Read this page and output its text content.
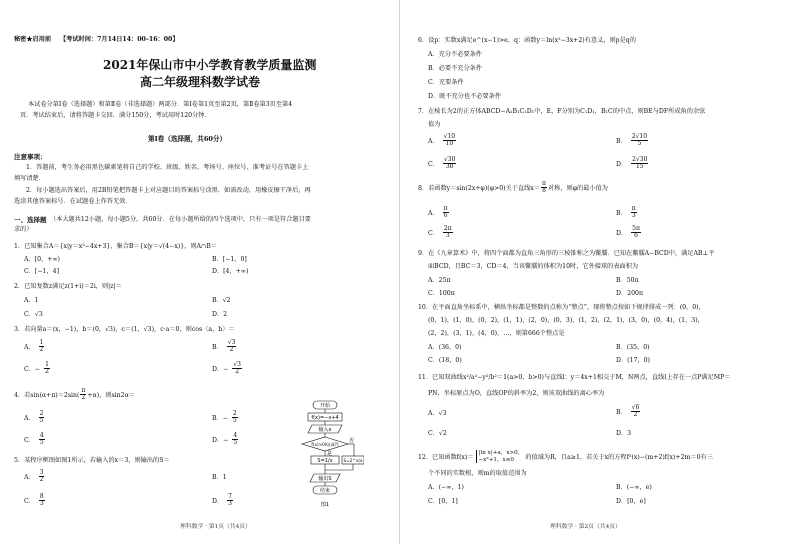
秘密★启用前 【考试时间：7月14日14：00–16：00】
2021年保山市中小学教育教学质量监测
高二年级理科数学试卷
本试卷分第Ⅰ卷（选择题）和第Ⅱ卷（非选择题）两部分．第Ⅰ卷第1页至第2页，第Ⅱ卷第3页至第4
页．考试结束后，请将答题卡交回．满分150分，考试用时120分钟．
第Ⅰ卷（选择题，共60分）
注意事项：
1．答题前，考生务必用黑色碳素笔将自己的学校、班级、姓名、考场号、座位号、准考证号在答题卡上
填写清楚．
2．每小题选出答案后，用2B铅笔把答题卡上对应题目的答案标号涂黑．如需改动，用橡皮擦干净后，再
选涂其他答案标号．在试题卷上作答无效．
一、选择题 （本大题共12小题，每小题5分，共60分．在每小题所给的四个选项中，只有一项是符合题目要
求的）
1．已知集合A＝{x|y＝x²−4x+3}，集合B＝{x|y＝√(4−x)}，则A∩B＝
A．[0，+∞)	B．[−1，0]
C．[−1，4]	D．[4，+∞)
2．已知复数z满足z(1+i)＝2i，则|z|＝
A．1	B．√2
C．√3	D．2
3．若向量a＝(x，−1)，b＝(0，√3)，c＝(1，√3)，c·a＝0，则cos〈a，b〉＝
A． $\frac{1}{2}$	B． $\frac{√3}{2}$
C．− $\frac{1}{2}$	D．− $\frac{√3}{2}$
4．若$\sin(\alpha+\pi)=2\sin( \frac{\pi}{2} +\alpha)$，则sin2α＝
A． $\frac{2}{5}$	B．− $\frac{2}{5}$
C． $\frac{4}{5}$	D．− $\frac{4}{5}$
5．某程序框图如图1所示，若输入的x＝3，则输出的S＝
A． $\frac{3}{2}$	B．1
C． $\frac{8}{3}$	D． $\frac{7}{3}$
开始
f(x)=−x+4
输入x
f(x)>0吗(或?)
是
否
S=1/x	S=2^x(x
输出S
结束
图1
理科数学 · 第1页（共4页）
6．设p：实数x满足e^(x−1)>e，q：函数y＝ln(x²−3x+2)有意义，则p是q的
A．充分不必要条件
B．必要不充分条件
C．充要条件
D．既不充分也不必要条件
7．在棱长为2的正方体ABCD−A₁B₁C₁D₁中，E，F分别为C₁D₁，B₁C的中点，则BE与DF所成角的余弦
值为
A． $\frac{√10}{10}$	B． $\frac{2√10}{5}$
C． $\frac{√30}{30}$	D． $\frac{2√30}{15}$
8．若函数y＝sin(2x+φ)(φ>0)关于直线$x= \frac{\pi}{8}$ 对称，则φ的最小值为
A． $\frac{\pi}{6}$	B． $\frac{\pi}{3}$
C． $\frac{2\pi}{3}$	D． $\frac{5\pi}{6}$
9．在《九章算术》中，将四个面都为直角三角形的三棱锥称之为鳖臑．已知在鳖臑A−BCD中，满足AB⊥平
面BCD，且BC＝3，CD＝4，当该鳖臑的体积为10时，它外接球的表面积为
A．25π	B．50π
C．100π	D．200π
10．在平面直角坐标系中，横纵坐标都是整数的点称为“整点”，现将整点按如下规律排成一列：(0，0)，
(0，1)，(1，0)，(0，2)，(1，1)，(2，0)，(0，3)，(1，2)，(2，1)，(3，0)，(0，4)，(1，3)，
(2，2)，(3，1)，(4，0)，…，则第666个整点是
A．(36，0)	B．(35，0)
C．(18，0)	D．(17，0)
11．已知双曲线x²/a²−y²/b²＝1(a>0，b>0)与直线l：y＝4x+1相交于M，N两点，直线l上存在一点P满足MP＝
PN，坐标原点为O，直线OP的斜率为2，则该双曲线的离心率为
A．√3	B． $\frac{√6}{2}$
C．√2	D．3
12．已知函数f(x)＝
|ln x|+a，x>0，
−x²+1，x≤0	的值域为R，且a≥1，若关于x的方程f²(x)−(m+2)f(x)+2m＝0有三
个不同的实数根，则m的取值范围为
A．(−∞，1)	B．(−∞，e)
C．[0，1]	D．[0，e]
理科数学 · 第2页（共4页）
